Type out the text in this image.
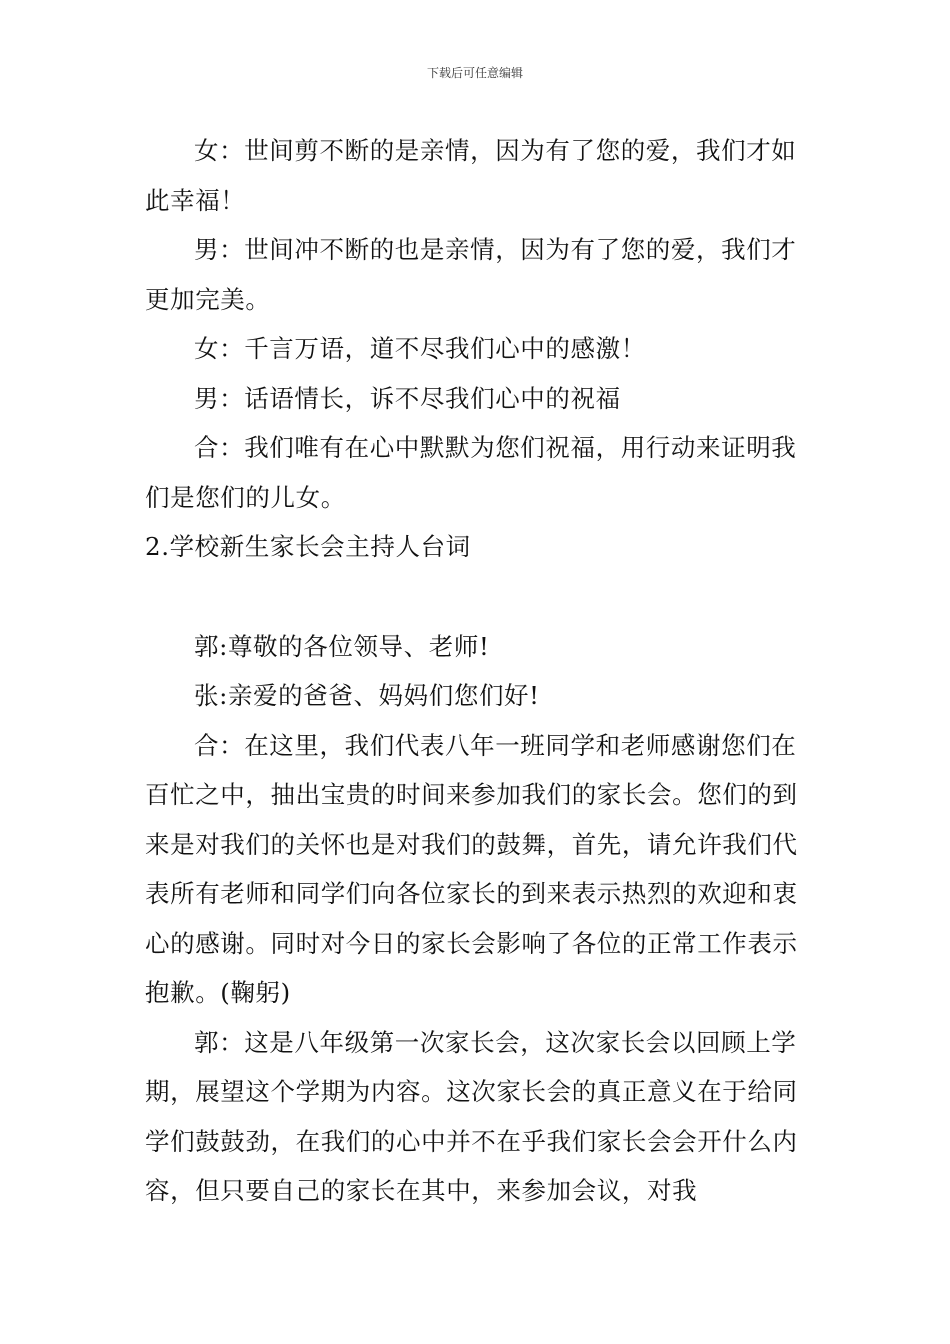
下载后可任意编辑

女：世间剪不断的是亲情，因为有了您的爱，我们才如此幸福！

男：世间冲不断的也是亲情，因为有了您的爱，我们才更加完美。

女：千言万语，道不尽我们心中的感激！

男：话语情长，诉不尽我们心中的祝福

合：我们唯有在心中默默为您们祝福，用行动来证明我们是您们的儿女。

2.学校新生家长会主持人台词

郭:尊敬的各位领导、老师!

张:亲爱的爸爸、妈妈们您们好!

合：在这里，我们代表八年一班同学和老师感谢您们在百忙之中，抽出宝贵的时间来参加我们的家长会。您们的到来是对我们的关怀也是对我们的鼓舞，首先，请允许我们代表所有老师和同学们向各位家长的到来表示热烈的欢迎和衷心的感谢。同时对今日的家长会影响了各位的正常工作表示抱歉。(鞠躬)

郭：这是八年级第一次家长会，这次家长会以回顾上学期，展望这个学期为内容。这次家长会的真正意义在于给同学们鼓鼓劲，在我们的心中并不在乎我们家长会会开什么内容，但只要自己的家长在其中，来参加会议，对我
